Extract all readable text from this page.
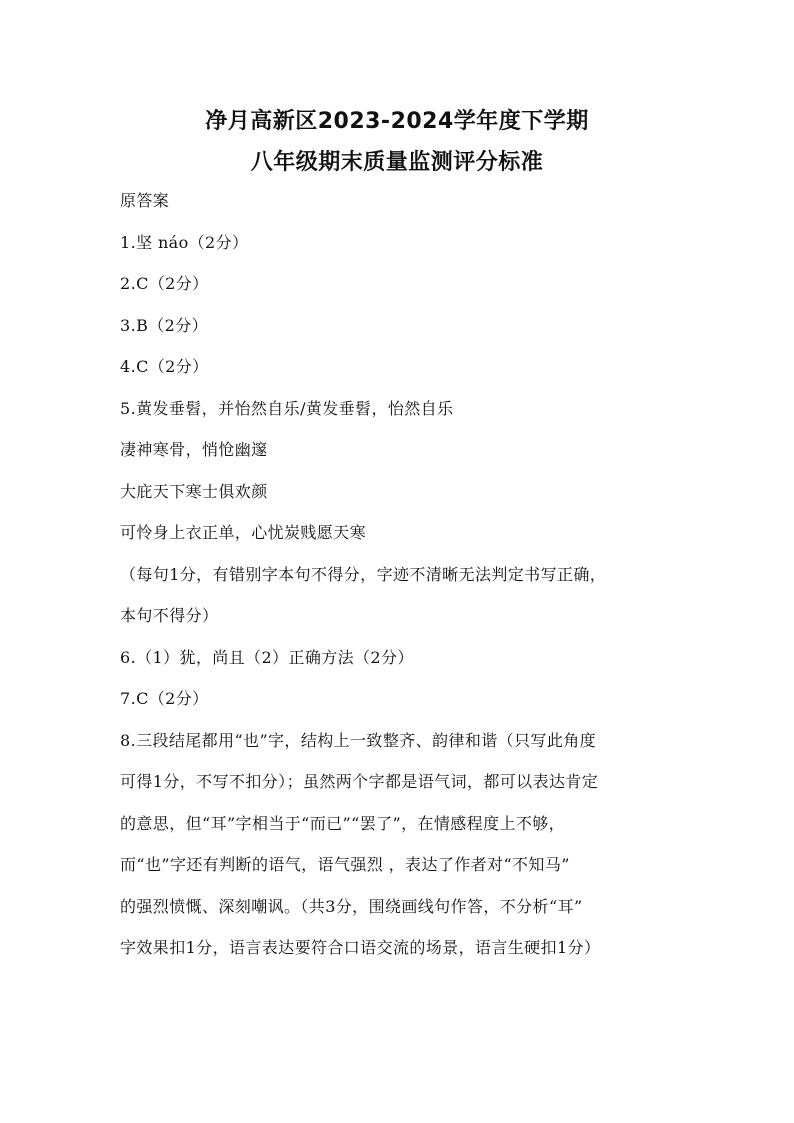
净月高新区2023-2024学年度下学期
八年级期末质量监测评分标准
原答案
1.坚 náo（2分）
2.C（2分）
3.B（2分）
4.C（2分）
5.黄发垂髫，并怡然自乐/黄发垂髫，怡然自乐
凄神寒骨，悄怆幽邃
大庇天下寒士俱欢颜
可怜身上衣正单，心忧炭贱愿天寒
（每句1分，有错别字本句不得分，字迹不清晰无法判定书写正确，
本句不得分）
6.（1）犹，尚且（2）正确方法（2分）
7.C（2分）
8.三段结尾都用“也”字，结构上一致整齐、韵律和谐（只写此角度
可得1分，不写不扣分）；虽然两个字都是语气词，都可以表达肯定
的意思，但“耳”字相当于“而已”“罢了”，在情感程度上不够，
而“也”字还有判断的语气，语气强烈 ，表达了作者对“不知马”
的强烈愤慨、深刻嘲讽。（共3分，围绕画线句作答，不分析“耳”
字效果扣1分，语言表达要符合口语交流的场景，语言生硬扣1分）
